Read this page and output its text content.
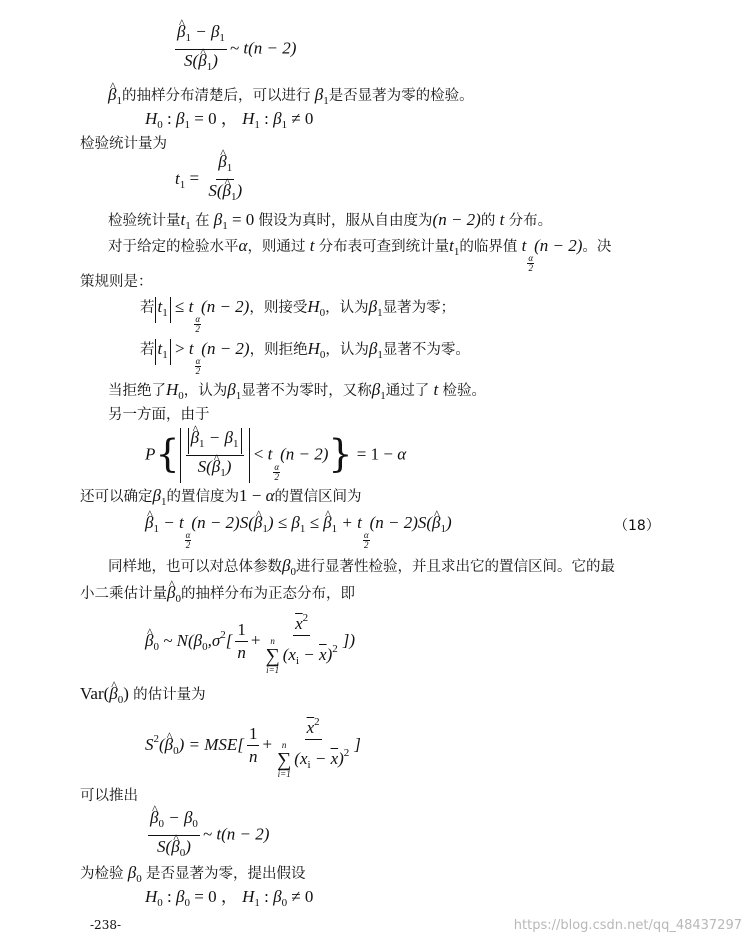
^ $\frac{\beta_1 - \beta_1}{S(\^{} \beta_1)}$ ~ t(n − 2)
^ $\beta_1$的抽样分布清楚后，可以进行 $\beta_1$是否显著为零的检验。
$H_0$ : $\beta_1 = 0$ ， $H_1$ : $\beta_1 \ne 0$
检验统计量为
$t_1$ = ^ $\frac{\beta_1}{S(\^{} \beta_1)}$
检验统计量$t_1$ 在 $\beta_1 = 0$ 假设为真时，服从自由度为(n − 2)的 t 分布。
对于给定的检验水平α，则通过 t 分布表可查到统计量$t_1$的临界值 t
$\frac{\alpha}{2}$
(n − 2)。决
策规则是：
若 $t_1 \le t$
$\frac{\alpha}{2}$
(n − 2)，则接受$H_0$，认为$\beta_1$显著为零；
若 $t_1 > t$
$\frac{\alpha}{2}$
(n − 2)，则拒绝$H_0$，认为$\beta_1$显著不为零。
当拒绝了$H_0$，认为$\beta_1$显著不为零时，又称$\beta_1$通过了 t 检验。
另一方面，由于
P{ ^ $\frac{\beta_1 - \beta_1}{S(\^{} \beta_1)} < t$
$\frac{\alpha}{2}$
(n − 2)} = 1 − α
还可以确定$\beta_1$的置信度为1 − α的置信区间为
^ $\beta_1 - t$
$\frac{\alpha}{2}$
(n − 2)S(^ $\beta_1) \le \beta_1$ ≤ ^ $\beta_1 + t$
$\frac{\alpha}{2}$
(n − 2)S(^ $\beta_1$)	（18）
同样地，也可以对总体参数$\beta_0$进行显著性检验，并且求出它的置信区间。它的最
小二乘估计量^ $\beta_0$的抽样分布为正态分布，即
^ $\beta_0$ ~ $N(\beta_0,\sigma^2[ \frac{1}{n} + \overline{x}^2$
n
∑
i=1
$(x_i - \overline{x})^2$ ])
Var(^ $\beta_0$) 的估计量为
$S^2(\^{}$ $\beta_0) = MSE[ \frac{1}{n} + \overline{x}^2$
n
∑
i=1
$(x_i - \overline{x})^2$ ]
可以推出
^ $\frac{\beta_0 - \beta_0}{S(\^{} \beta_0)}$ ~ t(n − 2)
为检验 $\beta_0$ 是否显著为零，提出假设
$H_0$ : $\beta_0 = 0$ ， $H_1$ : $\beta_0 \ne 0$
-238-	https://blog.csdn.net/qq_48437297
